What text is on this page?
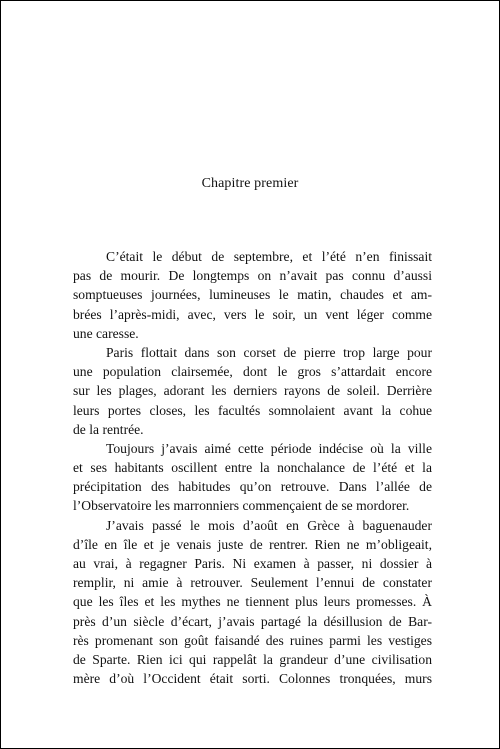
Chapitre premier
C’était le début de septembre, et l’été n’en finissait
pas de mourir. De longtemps on n’avait pas connu d’aussi
somptueuses journées, lumineuses le matin, chaudes et am-
brées l’après-midi, avec, vers le soir, un vent léger comme
une caresse.
Paris flottait dans son corset de pierre trop large pour
une population clairsemée, dont le gros s’attardait encore
sur les plages, adorant les derniers rayons de soleil. Derrière
leurs portes closes, les facultés somnolaient avant la cohue
de la rentrée.
Toujours j’avais aimé cette période indécise où la ville
et ses habitants oscillent entre la nonchalance de l’été et la
précipitation des habitudes qu’on retrouve. Dans l’allée de
l’Observatoire les marronniers commençaient de se mordorer.
J’avais passé le mois d’août en Grèce à baguenauder
d’île en île et je venais juste de rentrer. Rien ne m’obligeait,
au vrai, à regagner Paris. Ni examen à passer, ni dossier à
remplir, ni amie à retrouver. Seulement l’ennui de constater
que les îles et les mythes ne tiennent plus leurs promesses. À
près d’un siècle d’écart, j’avais partagé la désillusion de Bar-
rès promenant son goût faisandé des ruines parmi les vestiges
de Sparte. Rien ici qui rappelât la grandeur d’une civilisation
mère d’où l’Occident était sorti. Colonnes tronquées, murs
